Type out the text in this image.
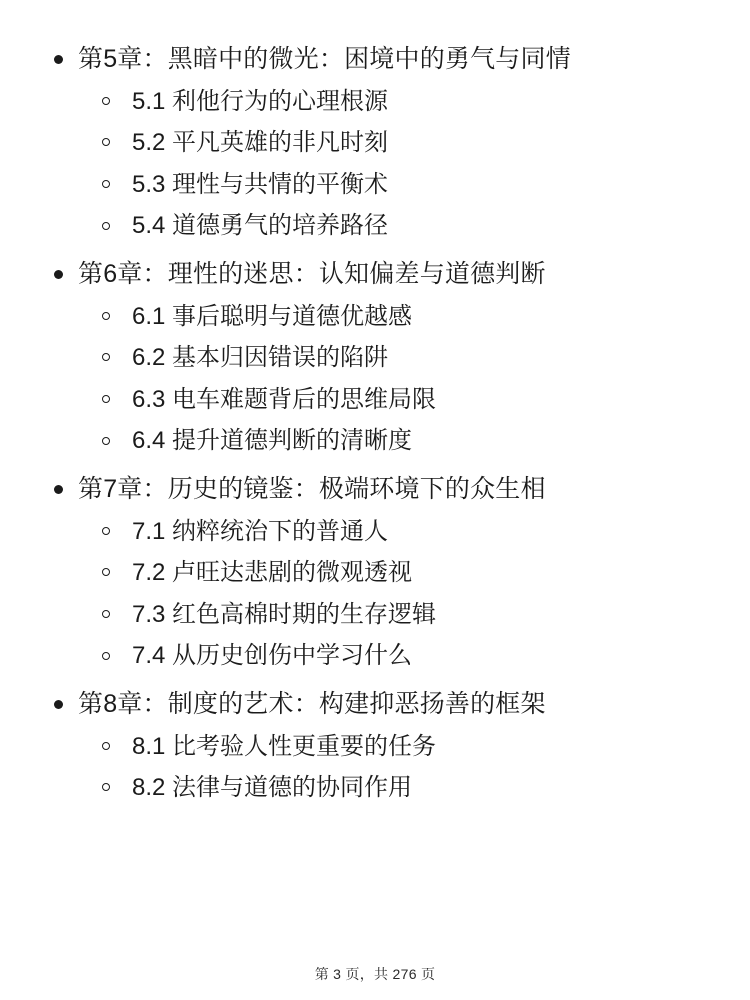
第5章：黑暗中的微光：困境中的勇气与同情
5.1 利他行为的心理根源
5.2 平凡英雄的非凡时刻
5.3 理性与共情的平衡术
5.4 道德勇气的培养路径
第6章：理性的迷思：认知偏差与道德判断
6.1 事后聪明与道德优越感
6.2 基本归因错误的陷阱
6.3 电车难题背后的思维局限
6.4 提升道德判断的清晰度
第7章：历史的镜鉴：极端环境下的众生相
7.1 纳粹统治下的普通人
7.2 卢旺达悲剧的微观透视
7.3 红色高棉时期的生存逻辑
7.4 从历史创伤中学习什么
第8章：制度的艺术：构建抑恶扬善的框架
8.1 比考验人性更重要的任务
8.2 法律与道德的协同作用
第 3 页，共 276 页
